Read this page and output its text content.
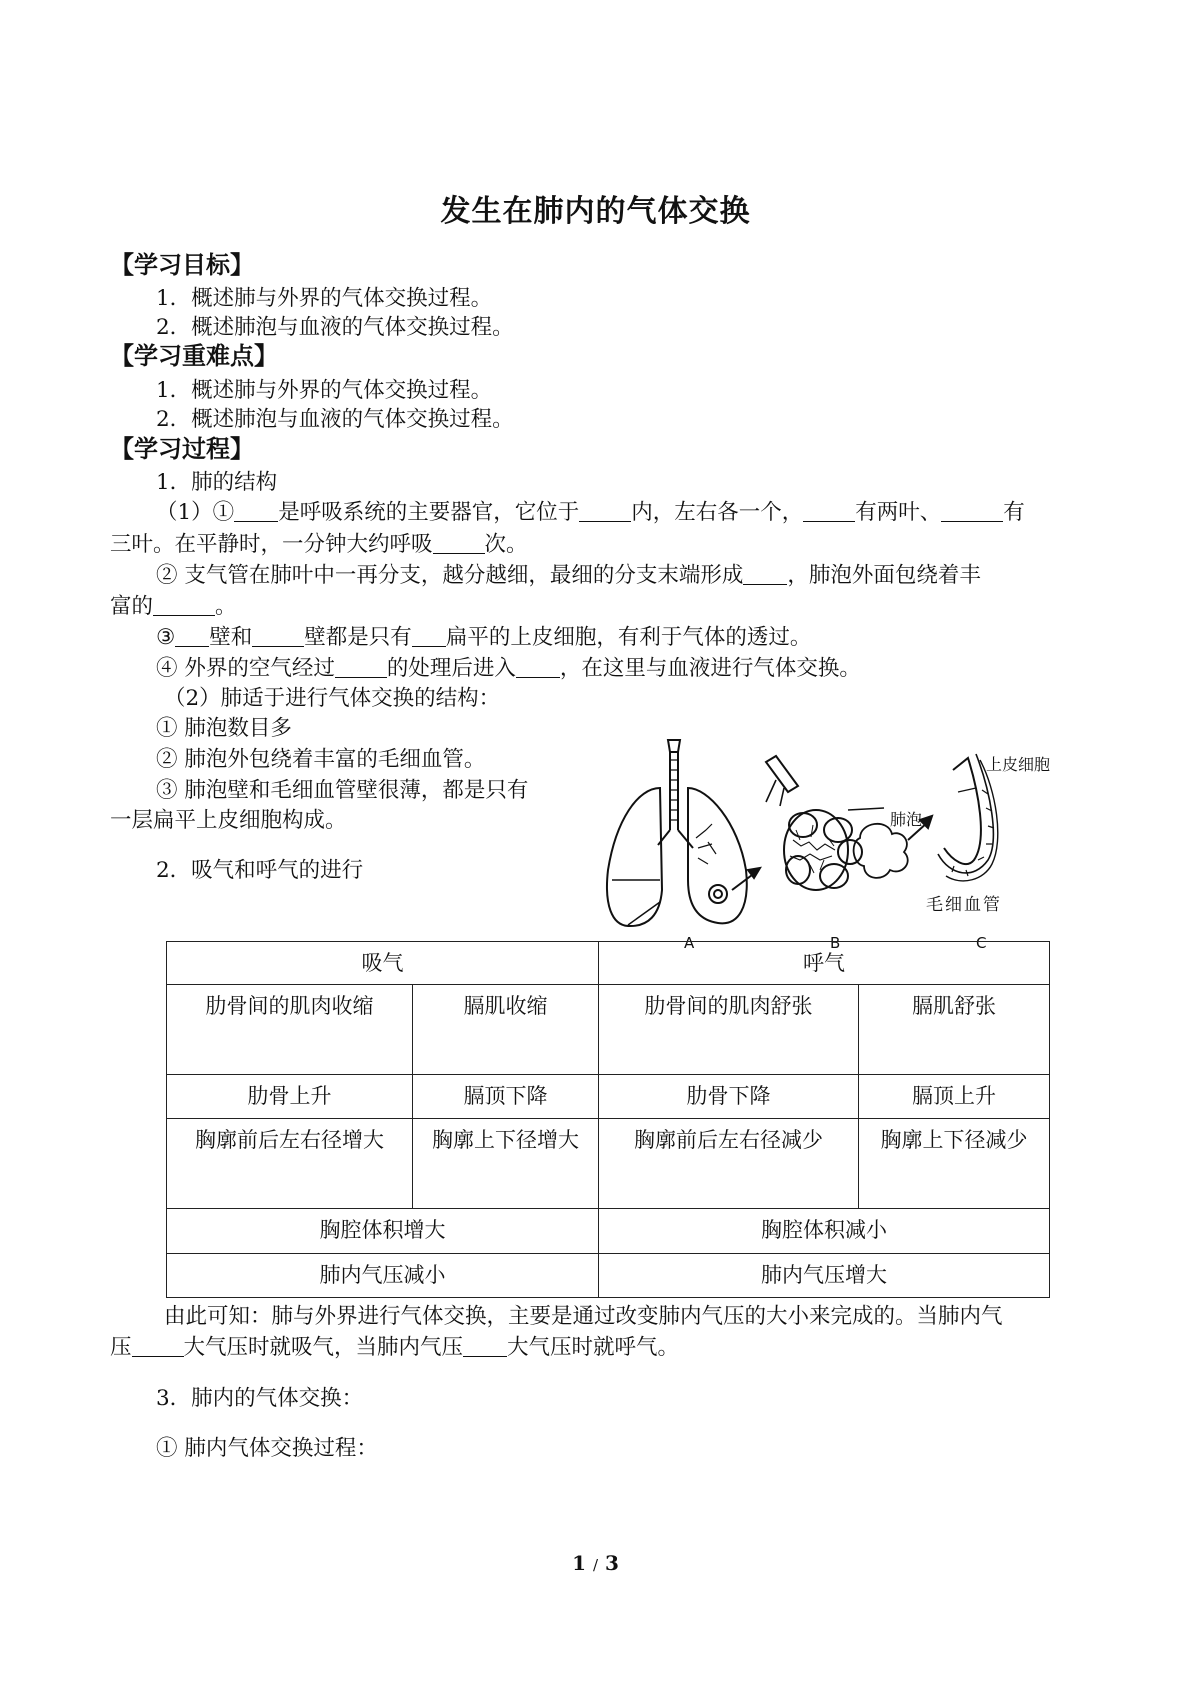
发生在肺内的气体交换
【学习目标】
1．概述肺与外界的气体交换过程。
2．概述肺泡与血液的气体交换过程。
【学习重难点】
1．概述肺与外界的气体交换过程。
2．概述肺泡与血液的气体交换过程。
【学习过程】
1．肺的结构
（1）① 是呼吸系统的主要器官，它位于 内，左右各一个， 有两叶、	有
三叶。在平静时，一分钟大约呼吸 次。
② 支气管在肺叶中一再分支，越分越细，最细的分支末端形成 ，肺泡外面包绕着丰
富的	。
③ 壁和 壁都是只有 扁平的上皮细胞，有利于气体的透过。
④ 外界的空气经过 的处理后进入 ，在这里与血液进行气体交换。
（2）肺适于进行气体交换的结构：
① 肺泡数目多
② 肺泡外包绕着丰富的毛细血管。
③ 肺泡壁和毛细血管壁很薄，都是只有
一层扁平上皮细胞构成。
2．吸气和呼气的进行
肺泡
上皮细胞
毛细血管
A	B	C
吸气		呼气	
肋骨间的肌肉收缩	膈肌收缩	肋骨间的肌肉舒张	膈肌舒张
肋骨上升	膈顶下降	肋骨下降	膈顶上升
胸廓前后左右径增大	胸廓上下径增大	胸廓前后左右径减少	胸廓上下径减少
胸腔体积增大		胸腔体积减小	
肺内气压减小		肺内气压增大	
由此可知：肺与外界进行气体交换，主要是通过改变肺内气压的大小来完成的。当肺内气
压 大气压时就吸气，当肺内气压 大气压时就呼气。
3．肺内的气体交换：
① 肺内气体交换过程：
1 / 3
